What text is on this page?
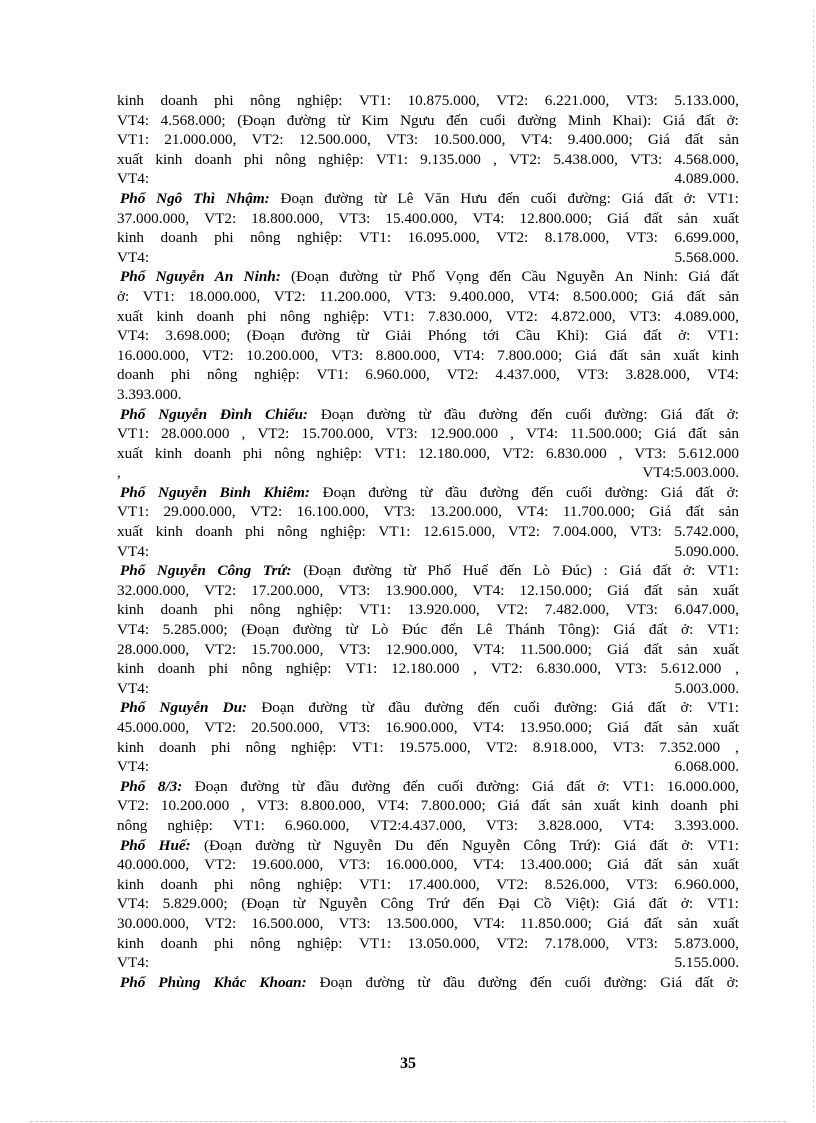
kinh doanh phi nông nghiệp: VT1: 10.875.000, VT2: 6.221.000, VT3: 5.133.000,
VT4: 4.568.000; (Đoạn đường từ Kim Ngưu đến cuối đường Minh Khai): Giá đất ở:
VT1: 21.000.000, VT2: 12.500.000, VT3: 10.500.000, VT4: 9.400.000; Giá đất sản
xuất kinh doanh phi nông nghiệp: VT1: 9.135.000 , VT2: 5.438.000, VT3: 4.568.000,
VT4:	4.089.000.
Phố Ngô Thì Nhậm: Đoạn đường từ Lê Văn Hưu đến cuối đường: Giá đất ở: VT1:
37.000.000, VT2: 18.800.000, VT3: 15.400.000, VT4: 12.800.000; Giá đất sản xuất
kinh doanh phi nông nghiệp: VT1: 16.095.000, VT2: 8.178.000, VT3: 6.699.000,
VT4:	5.568.000.
Phố Nguyễn An Ninh: (Đoạn đường từ Phố Vọng đến Cầu Nguyễn An Ninh: Giá đất
ở: VT1: 18.000.000, VT2: 11.200.000, VT3: 9.400.000, VT4: 8.500.000; Giá đất sản
xuất kinh doanh phi nông nghiệp: VT1: 7.830.000, VT2: 4.872.000, VT3: 4.089.000,
VT4: 3.698.000; (Đoạn đường từ Giải Phóng tới Cầu Khỉ): Giá đất ở: VT1:
16.000.000, VT2: 10.200.000, VT3: 8.800.000, VT4: 7.800.000; Giá đất sản xuất kinh
doanh phi nông nghiệp: VT1: 6.960.000, VT2: 4.437.000, VT3: 3.828.000, VT4:
3.393.000.
Phố Nguyễn Đình Chiểu: Đoạn đường từ đầu đường đến cuối đường: Giá đất ở:
VT1: 28.000.000 , VT2: 15.700.000, VT3: 12.900.000 , VT4: 11.500.000; Giá đất sản
xuất kinh doanh phi nông nghiệp: VT1: 12.180.000, VT2: 6.830.000 , VT3: 5.612.000
,	VT4:5.003.000.
Phố Nguyễn Bỉnh Khiêm: Đoạn đường từ đầu đường đến cuối đường: Giá đất ở:
VT1: 29.000.000, VT2: 16.100.000, VT3: 13.200.000, VT4: 11.700.000; Giá đất sản
xuất kinh doanh phi nông nghiệp: VT1: 12.615.000, VT2: 7.004.000, VT3: 5.742.000,
VT4:	5.090.000.
Phố Nguyễn Công Trứ: (Đoạn đường từ Phố Huế đến Lò Đúc) : Giá đất ở: VT1:
32.000.000, VT2: 17.200.000, VT3: 13.900.000, VT4: 12.150.000; Giá đất sản xuất
kinh doanh phi nông nghiệp: VT1: 13.920.000, VT2: 7.482.000, VT3: 6.047.000,
VT4: 5.285.000; (Đoạn đường từ Lò Đúc đến Lê Thánh Tông): Giá đất ở: VT1:
28.000.000, VT2: 15.700.000, VT3: 12.900.000, VT4: 11.500.000; Giá đất sản xuất
kinh doanh phi nông nghiệp: VT1: 12.180.000 , VT2: 6.830.000, VT3: 5.612.000 ,
VT4:	5.003.000.
Phố Nguyễn Du: Đoạn đường từ đầu đường đến cuối đường: Giá đất ở: VT1:
45.000.000, VT2: 20.500.000, VT3: 16.900.000, VT4: 13.950.000; Giá đất sản xuất
kinh doanh phi nông nghiệp: VT1: 19.575.000, VT2: 8.918.000, VT3: 7.352.000 ,
VT4:	6.068.000.
Phố 8/3: Đoạn đường từ đầu đường đến cuối đường: Giá đất ở: VT1: 16.000.000,
VT2: 10.200.000 , VT3: 8.800.000, VT4: 7.800.000; Giá đất sản xuất kinh doanh phi
nông nghiệp: VT1: 6.960.000, VT2:4.437.000, VT3: 3.828.000, VT4: 3.393.000.
Phố Huế: (Đoạn đường từ Nguyễn Du đến Nguyễn Công Trứ): Giá đất ở: VT1:
40.000.000, VT2: 19.600.000, VT3: 16.000.000, VT4: 13.400.000; Giá đất sản xuất
kinh doanh phi nông nghiệp: VT1: 17.400.000, VT2: 8.526.000, VT3: 6.960.000,
VT4: 5.829.000; (Đoạn từ Nguyễn Công Trứ đến Đại Cồ Việt): Giá đất ở: VT1:
30.000.000, VT2: 16.500.000, VT3: 13.500.000, VT4: 11.850.000; Giá đất sản xuất
kinh doanh phi nông nghiệp: VT1: 13.050.000, VT2: 7.178.000, VT3: 5.873.000,
VT4:	5.155.000.
Phố Phùng Khắc Khoan: Đoạn đường từ đầu đường đến cuối đường: Giá đất ở:
35
